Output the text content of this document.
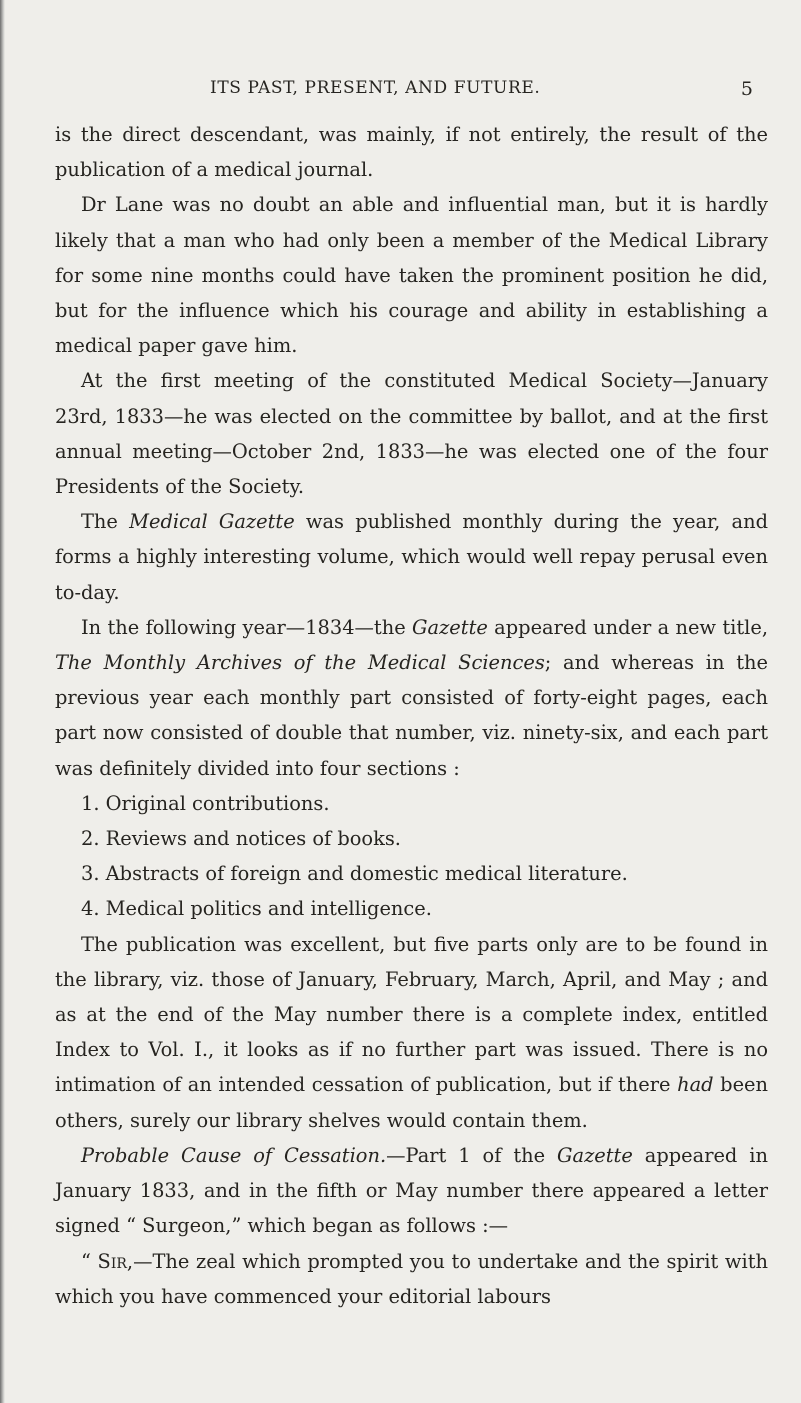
ITS PAST, PRESENT, AND FUTURE.	5

is the direct descendant, was mainly, if not entirely, the result of the publication of a medical journal.

Dr Lane was no doubt an able and influential man, but it is hardly likely that a man who had only been a member of the Medical Library for some nine months could have taken the prominent position he did, but for the influence which his courage and ability in establishing a medical paper gave him.

At the first meeting of the constituted Medical Society—January 23rd, 1833—he was elected on the committee by ballot, and at the first annual meeting—October 2nd, 1833—he was elected one of the four Presidents of the Society.

The Medical Gazette was published monthly during the year, and forms a highly interesting volume, which would well repay perusal even to-day.

In the following year—1834—the Gazette appeared under a new title, The Monthly Archives of the Medical Sciences; and whereas in the previous year each monthly part consisted of forty-eight pages, each part now consisted of double that number, viz. ninety-six, and each part was definitely divided into four sections :

1. Original contributions.

2. Reviews and notices of books.

3. Abstracts of foreign and domestic medical literature.

4. Medical politics and intelligence.

The publication was excellent, but five parts only are to be found in the library, viz. those of January, February, March, April, and May ; and as at the end of the May number there is a complete index, entitled Index to Vol. I., it looks as if no further part was issued. There is no intimation of an intended cessation of publication, but if there had been others, surely our library shelves would contain them.

Probable Cause of Cessation.—Part 1 of the Gazette appeared in January 1833, and in the fifth or May number there appeared a letter signed “ Surgeon,” which began as follows :—

“ Sir,—The zeal which prompted you to undertake and the spirit with which you have commenced your editorial labours
